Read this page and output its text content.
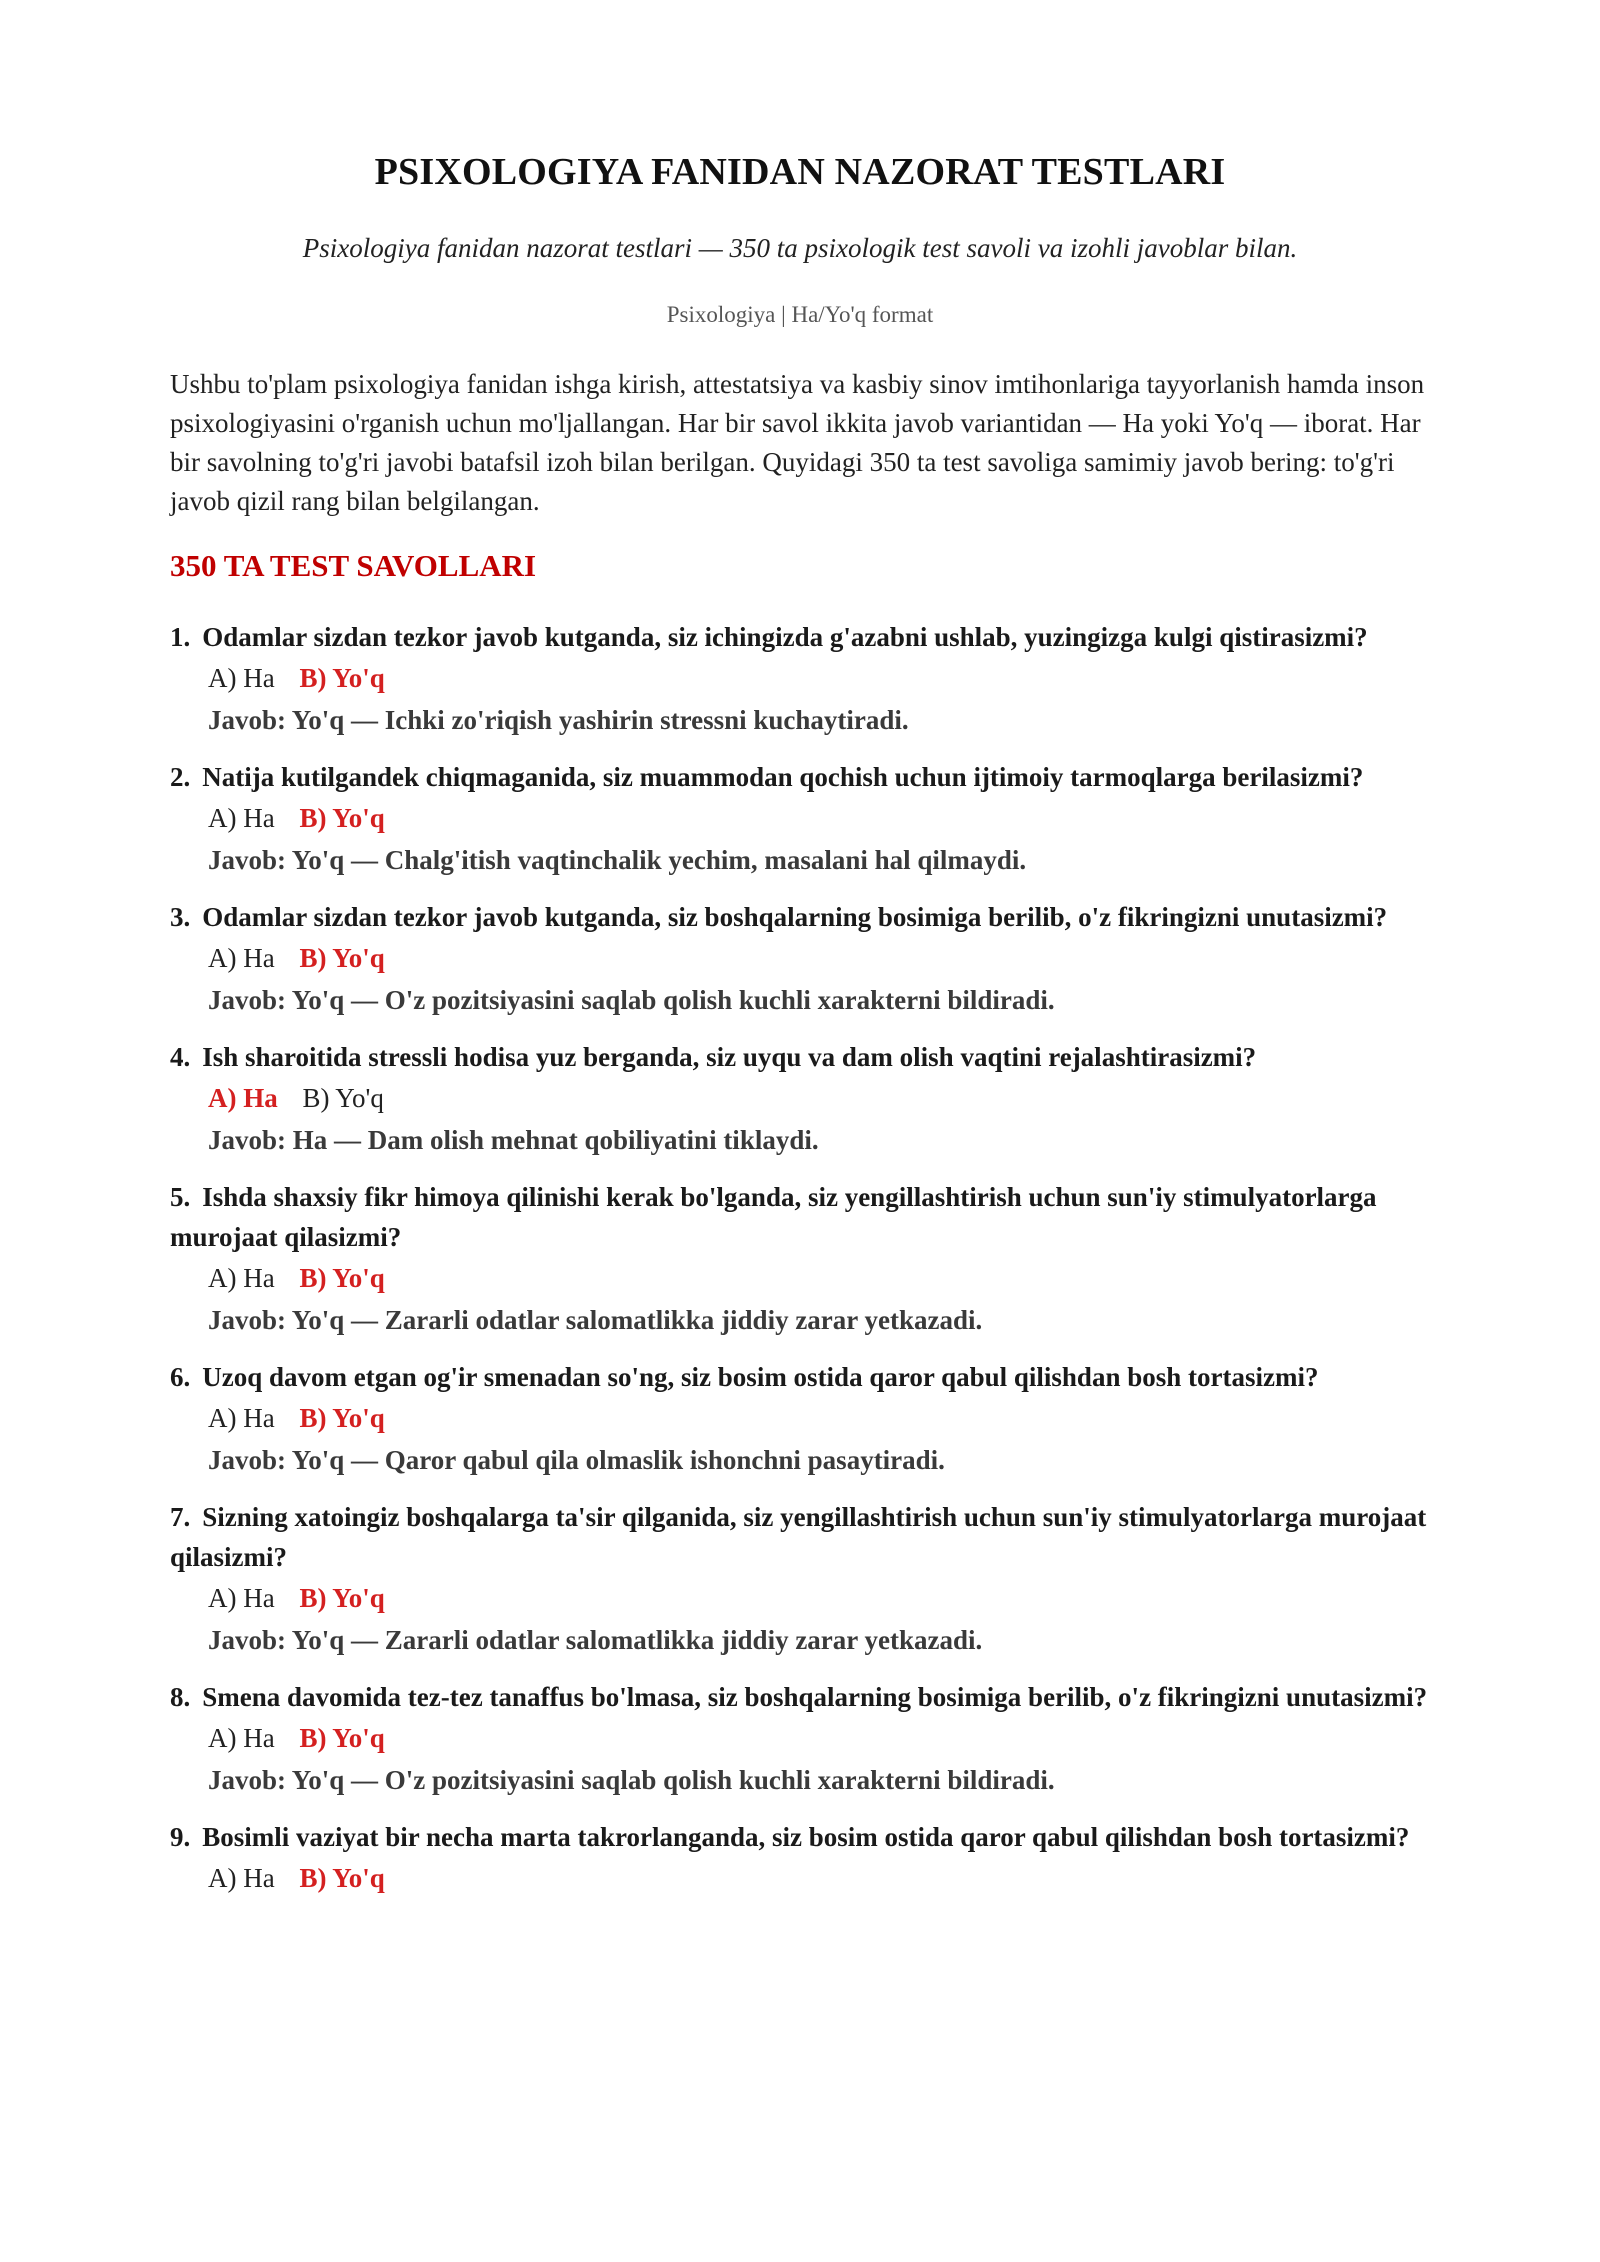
PSIXOLOGIYA FANIDAN NAZORAT TESTLARI
Psixologiya fanidan nazorat testlari — 350 ta psixologik test savoli va izohli javoblar bilan.
Psixologiya | Ha/Yo'q format

Ushbu to'plam psixologiya fanidan ishga kirish, attestatsiya va kasbiy sinov imtihonlariga tayyorlanish hamda inson psixologiyasini o'rganish uchun mo'ljallangan. Har bir savol ikkita javob variantidan — Ha yoki Yo'q — iborat. Har bir savolning to'g'ri javobi batafsil izoh bilan berilgan. Quyidagi 350 ta test savoliga samimiy javob bering: to'g'ri javob qizil rang bilan belgilangan.

350 TA TEST SAVOLLARI

1. Odamlar sizdan tezkor javob kutganda, siz ichingizda g'azabni ushlab, yuzingizga kulgi qistirasizmi?

A) Ha B) Yo'q
Javob: Yo'q — Ichki zo'riqish yashirin stressni kuchaytiradi.

2. Natija kutilgandek chiqmaganida, siz muammodan qochish uchun ijtimoiy tarmoqlarga berilasizmi?

A) Ha B) Yo'q
Javob: Yo'q — Chalg'itish vaqtinchalik yechim, masalani hal qilmaydi.

3. Odamlar sizdan tezkor javob kutganda, siz boshqalarning bosimiga berilib, o'z fikringizni unutasizmi?

A) Ha B) Yo'q
Javob: Yo'q — O'z pozitsiyasini saqlab qolish kuchli xarakterni bildiradi.

4. Ish sharoitida stressli hodisa yuz berganda, siz uyqu va dam olish vaqtini rejalashtirasizmi?

A) Ha B) Yo'q
Javob: Ha — Dam olish mehnat qobiliyatini tiklaydi.

5. Ishda shaxsiy fikr himoya qilinishi kerak bo'lganda, siz yengillashtirish uchun sun'iy stimulyatorlarga murojaat qilasizmi?

A) Ha B) Yo'q
Javob: Yo'q — Zararli odatlar salomatlikka jiddiy zarar yetkazadi.

6. Uzoq davom etgan og'ir smenadan so'ng, siz bosim ostida qaror qabul qilishdan bosh tortasizmi?

A) Ha B) Yo'q
Javob: Yo'q — Qaror qabul qila olmaslik ishonchni pasaytiradi.

7. Sizning xatoingiz boshqalarga ta'sir qilganida, siz yengillashtirish uchun sun'iy stimulyatorlarga murojaat qilasizmi?

A) Ha B) Yo'q
Javob: Yo'q — Zararli odatlar salomatlikka jiddiy zarar yetkazadi.

8. Smena davomida tez-tez tanaffus bo'lmasa, siz boshqalarning bosimiga berilib, o'z fikringizni unutasizmi?

A) Ha B) Yo'q
Javob: Yo'q — O'z pozitsiyasini saqlab qolish kuchli xarakterni bildiradi.

9. Bosimli vaziyat bir necha marta takrorlanganda, siz bosim ostida qaror qabul qilishdan bosh tortasizmi?

A) Ha B) Yo'q
